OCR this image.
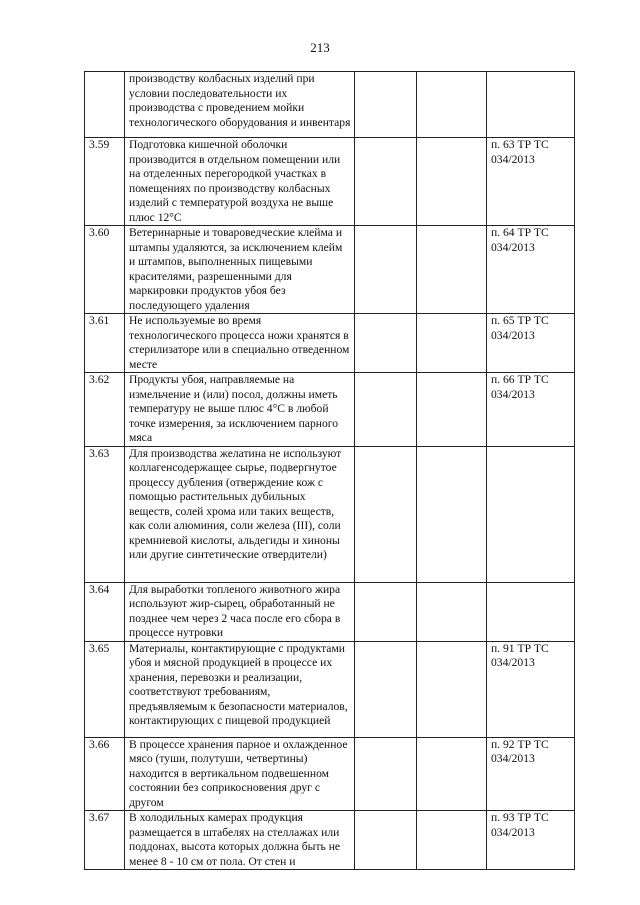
213
	производству колбасных изделий при условии последовательности их производства с проведением мойки технологического оборудования и инвентаря			
3.59	Подготовка кишечной оболочки производится в отдельном помещении или на отделенных перегородкой участках в помещениях по производству колбасных изделий с температурой воздуха не выше плюс 12°C			п. 63 ТР ТС 034/2013
3.60	Ветеринарные и товароведческие клейма и штампы удаляются, за исключением клейм и штампов, выполненных пищевыми красителями, разрешенными для маркировки продуктов убоя без последующего удаления			п. 64 ТР ТС 034/2013
3.61	Не используемые во время технологического процесса ножи хранятся в стерилизаторе или в специально отведенном месте			п. 65 ТР ТС 034/2013
3.62	Продукты убоя, направляемые на измельчение и (или) посол, должны иметь температуру не выше плюс 4°C в любой точке измерения, за исключением парного мяса			п. 66 ТР ТС 034/2013
3.63	Для производства желатина не используют коллагенсодержащее сырье, подвергнутое процессу дубления (отверждение кож с помощью растительных дубильных веществ, солей хрома или таких веществ, как соли алюминия, соли железа (III), соли кремниевой кислоты, альдегиды и хиноны или другие синтетические отвердители)			
3.64	Для выработки топленого животного жира используют жир-сырец, обработанный не позднее чем через 2 часа после его сбора в процессе нутровки			
3.65	Материалы, контактирующие с продуктами убоя и мясной продукцией в процессе их хранения, перевозки и реализации, соответствуют требованиям, предъявляемым к безопасности материалов, контактирующих с пищевой продукцией			п. 91 ТР ТС 034/2013
3.66	В процессе хранения парное и охлажденное мясо (туши, полутуши, четвертины) находится в вертикальном подвешенном состоянии без соприкосновения друг с другом			п. 92 ТР ТС 034/2013
3.67	В холодильных камерах продукция размещается в штабелях на стеллажах или поддонах, высота которых должна быть не менее 8 - 10 см от пола. От стен и			п. 93 ТР ТС 034/2013
